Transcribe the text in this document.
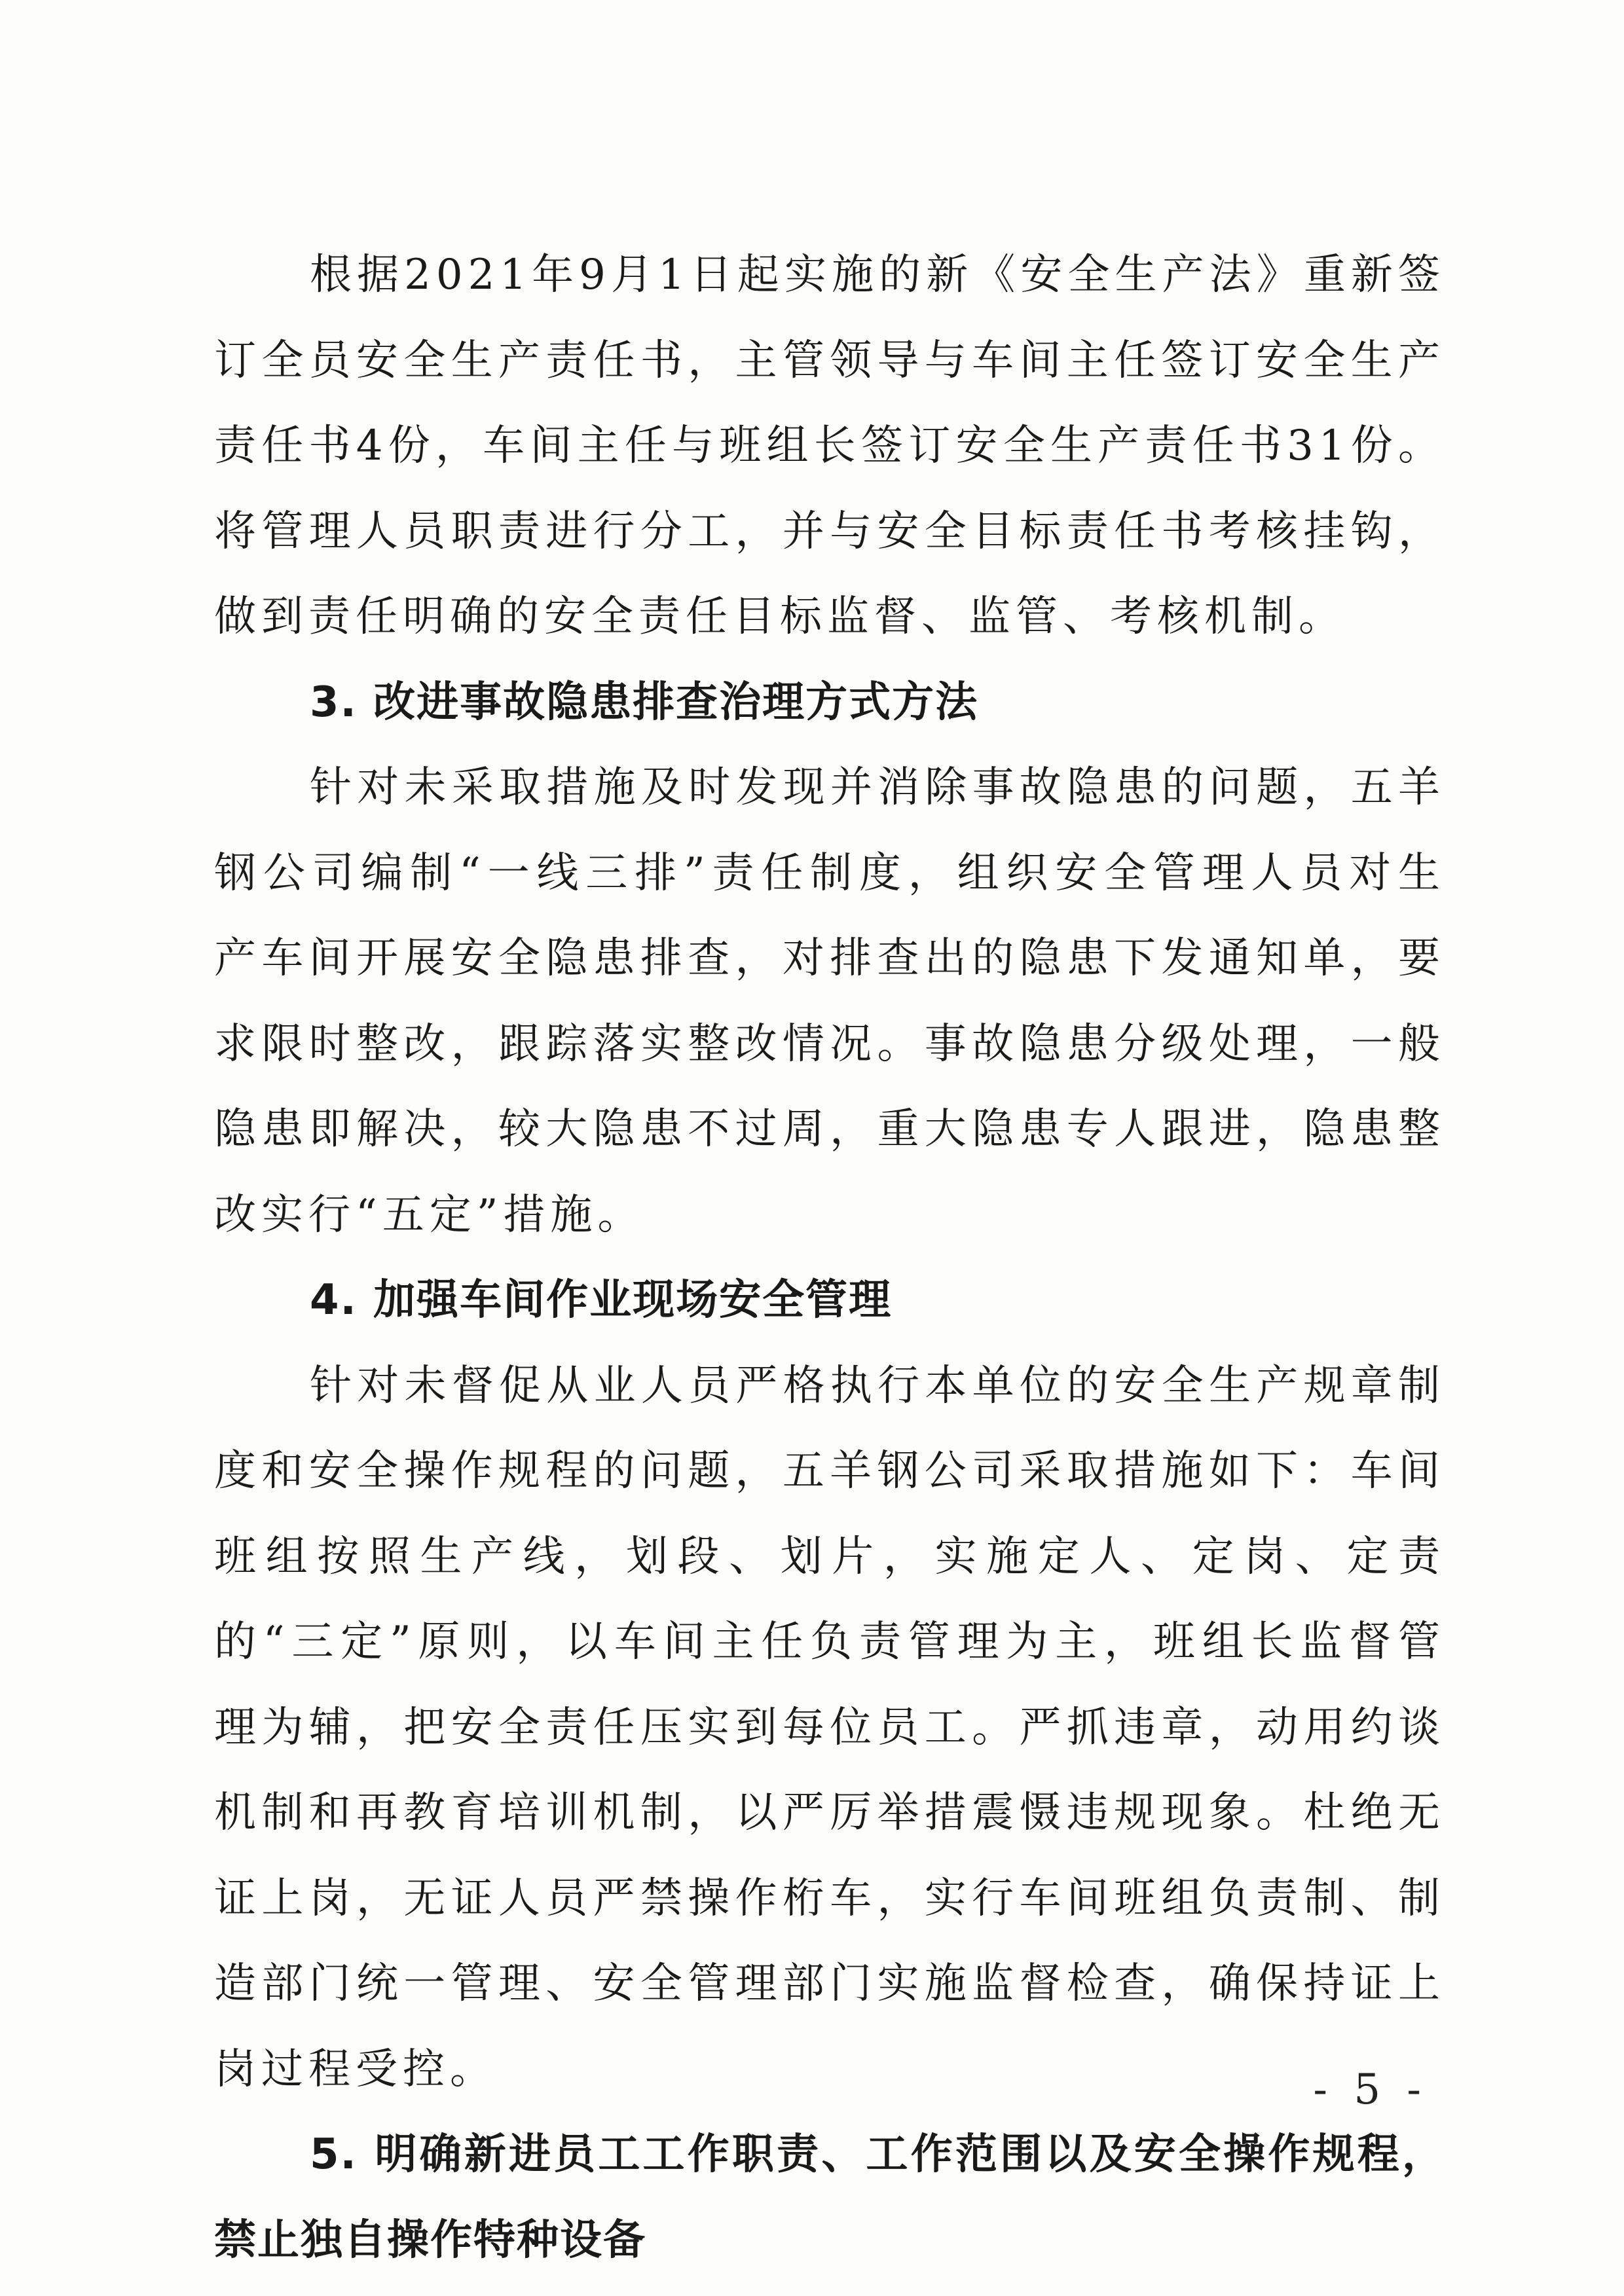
根据2021年9月1日起实施的新《安全生产法》重新签订全员安全生产责任书，主管领导与车间主任签订安全生产责任书4份，车间主任与班组长签订安全生产责任书31份。将管理人员职责进行分工，并与安全目标责任书考核挂钩，做到责任明确的安全责任目标监督、监管、考核机制。

3. 改进事故隐患排查治理方式方法

针对未采取措施及时发现并消除事故隐患的问题，五羊钢公司编制“一线三排”责任制度，组织安全管理人员对生产车间开展安全隐患排查，对排查出的隐患下发通知单，要求限时整改，跟踪落实整改情况。事故隐患分级处理，一般隐患即解决，较大隐患不过周，重大隐患专人跟进，隐患整改实行“五定”措施。

4. 加强车间作业现场安全管理

针对未督促从业人员严格执行本单位的安全生产规章制度和安全操作规程的问题，五羊钢公司采取措施如下：车间班组按照生产线，划段、划片，实施定人、定岗、定责的“三定”原则，以车间主任负责管理为主，班组长监督管理为辅，把安全责任压实到每位员工。严抓违章，动用约谈机制和再教育培训机制，以严厉举措震慑违规现象。杜绝无证上岗，无证人员严禁操作桁车，实行车间班组负责制、制造部门统一管理、安全管理部门实施监督检查，确保持证上岗过程受控。

5. 明确新进员工工作职责、工作范围以及安全操作规程，禁止独自操作特种设备

- 5 -
